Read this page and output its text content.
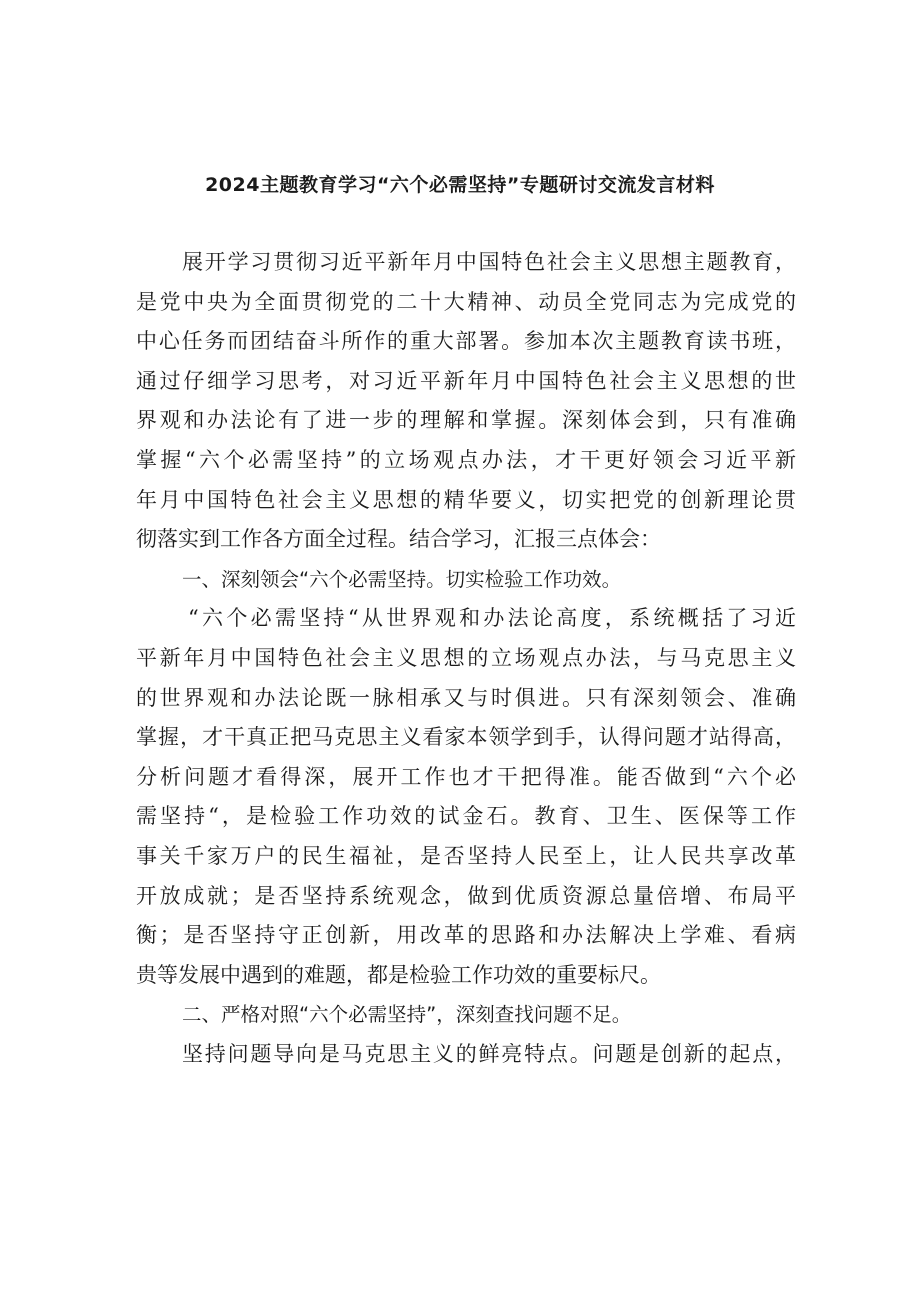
2024主题教育学习“六个必需坚持”专题研讨交流发言材料
展开学习贯彻习近平新年月中国特色社会主义思想主题教育，
是党中央为全面贯彻党的二十大精神、动员全党同志为完成党的
中心任务而团结奋斗所作的重大部署。参加本次主题教育读书班，
通过仔细学习思考，对习近平新年月中国特色社会主义思想的世
界观和办法论有了进一步的理解和掌握。深刻体会到，只有准确
掌握“六个必需坚持”的立场观点办法，才干更好领会习近平新
年月中国特色社会主义思想的精华要义，切实把党的创新理论贯
彻落实到工作各方面全过程。结合学习，汇报三点体会：
一、深刻领会“六个必需坚持。切实检验工作功效。
“六个必需坚持“从世界观和办法论高度，系统概括了习近
平新年月中国特色社会主义思想的立场观点办法，与马克思主义
的世界观和办法论既一脉相承又与时俱进。只有深刻领会、准确
掌握，才干真正把马克思主义看家本领学到手，认得问题才站得高，
分析问题才看得深，展开工作也才干把得准。能否做到“六个必
需坚持“，是检验工作功效的试金石。教育、卫生、医保等工作
事关千家万户的民生福祉，是否坚持人民至上，让人民共享改革
开放成就；是否坚持系统观念，做到优质资源总量倍增、布局平
衡；是否坚持守正创新，用改革的思路和办法解决上学难、看病
贵等发展中遇到的难题，都是检验工作功效的重要标尺。
二、严格对照“六个必需坚持”，深刻查找问题不足。
坚持问题导向是马克思主义的鲜亮特点。问题是创新的起点，
